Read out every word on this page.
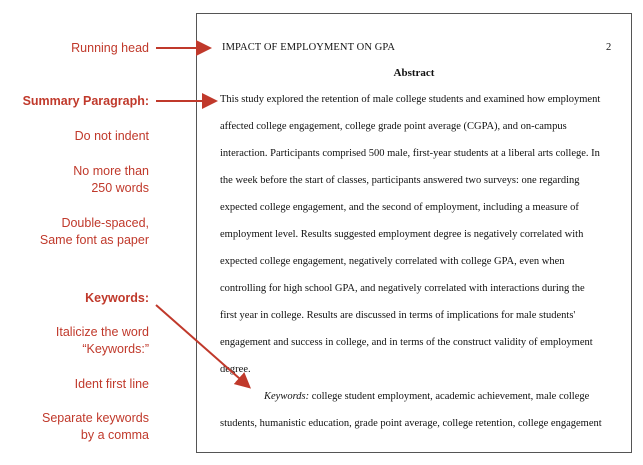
Running head
Summary Paragraph:
Do not indent
No more than
250 words
Double-spaced,
Same font as paper
Keywords:
Italicize the word
“Keywords:”
Ident first line
Separate keywords
by a comma
IMPACT OF EMPLOYMENT ON GPA	2
Abstract
This study explored the retention of male college students and examined how employment
affected college engagement, college grade point average (CGPA), and on-campus
interaction. Participants comprised 500 male, first-year students at a liberal arts college. In
the week before the start of classes, participants answered two surveys: one regarding
expected college engagement, and the second of employment, including a measure of
employment level. Results suggested employment degree is negatively correlated with
expected college engagement, negatively correlated with college GPA, even when
controlling for high school GPA, and negatively correlated with interactions during the
first year in college. Results are discussed in terms of implications for male students'
engagement and success in college, and in terms of the construct validity of employment
degree.
Keywords: college student employment, academic achievement, male college
students, humanistic education, grade point average, college retention, college engagement
